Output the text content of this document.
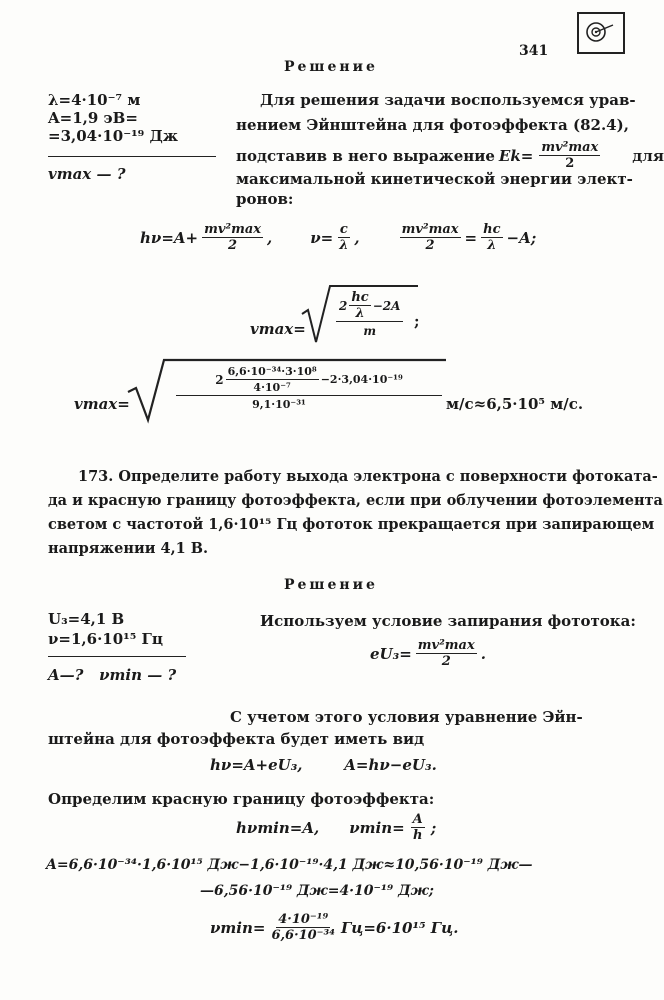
341
Решение
λ=4·10⁻⁷ м
A=1,9 эВ=
=3,04·10⁻¹⁹ Дж
vmax — ?
Для решения задачи воспользуемся урав-
нением Эйнштейна для фотоэффекта (82.4),
подставив в него выражение $Ek= \frac{\text{mv²max}}{2}$ для
максимальной кинетической энергии элект-
ронов:
$h\nu=A+ \frac{\text{mv²max}}{2}$ ,	$\nu= \frac{c}{\lambda}$ ,	$\frac{\text{mv²max}}{2} = \frac{hc}{\lambda} -A$;
vmax=
$2 \frac{hc}{\lambda} -2A$
m
;
vmax=
$2 \frac{\text{6,6·10⁻³⁴·3·10⁸}}{\text{4·10⁻⁷}} -2\cdot 3,04\cdot 10^{-19}$
9,1·10⁻³¹	м/с≈6,5·10⁵ м/с.
173. Определите работу выхода электрона с поверхности фотоката-
да и красную границу фотоэффекта, если при облучении фотоэлемента
светом с частотой 1,6·10¹⁵ Гц фототок прекращается при запирающем
напряжении 4,1 В.
Решение
U₃=4,1 В
ν=1,6·10¹⁵ Гц
A—?   νmin — ?
Используем условие запирания фототока:
$eU_3= \frac{\text{mv²max}}{2}$ .
С учетом этого условия уравнение Эйн-
штейна для фотоэффекта будет иметь вид
hν=A+eU₃,        A=hν−eU₃.
Определим красную границу фотоэффекта:
hνmin=A, $\nu\min= \frac{A}{h}$ ;
A=6,6·10⁻³⁴·1,6·10¹⁵ Дж−1,6·10⁻¹⁹·4,1 Дж≈10,56·10⁻¹⁹ Дж—
—6,56·10⁻¹⁹ Дж=4·10⁻¹⁹ Дж;
$\nu\min= \frac{\text{4·10⁻¹⁹}}{\text{6,6·10⁻³⁴}} Гц=6\cdot 10^{15}$ Гц.
